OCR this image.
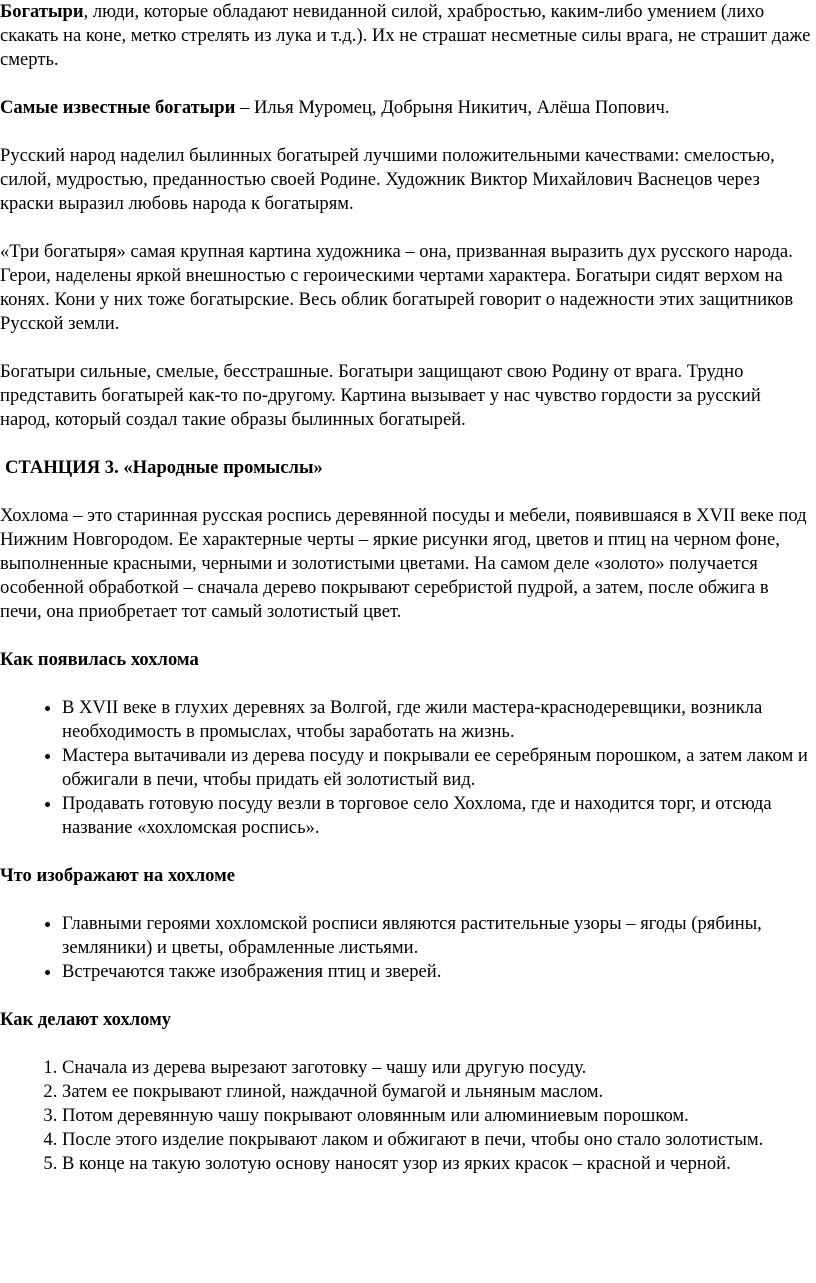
Богатыри, люди, которые обладают невиданной силой, храбростью, каким-либо умением (лихо скакать на коне, метко стрелять из лука и т.д.). Их не страшат несметные силы врага, не страшит даже смерть.

Самые известные богатыри – Илья Муромец, Добрыня Никитич, Алёша Попович.

Русский народ наделил былинных богатырей лучшими положительными качествами: смелостью, силой, мудростью, преданностью своей Родине. Художник Виктор Михайлович Васнецов через краски выразил любовь народа к богатырям.

«Три богатыря» самая крупная картина художника – она, призванная выразить дух русского народа. Герои, наделены яркой внешностью с героическими чертами характера. Богатыри сидят верхом на конях. Кони у них тоже богатырские. Весь облик богатырей говорит о надежности этих защитников Русской земли.

Богатыри сильные, смелые, бесстрашные. Богатыри защищают свою Родину от врага. Трудно представить богатырей как-то по-другому. Картина вызывает у нас чувство гордости за русский народ, который создал такие образы былинных богатырей.

СТАНЦИЯ 3. «Народные промыслы»

Хохлома – это старинная русская роспись деревянной посуды и мебели, появившаяся в XVII веке под Нижним Новгородом. Ее характерные черты – яркие рисунки ягод, цветов и птиц на черном фоне, выполненные красными, черными и золотистыми цветами. На самом деле «золото» получается особенной обработкой – сначала дерево покрывают серебристой пудрой, а затем, после обжига в печи, она приобретает тот самый золотистый цвет.

Как появилась хохлома
• В XVII веке в глухих деревнях за Волгой, где жили мастера-краснодеревщики, возникла необходимость в промыслах, чтобы заработать на жизнь.
• Мастера вытачивали из дерева посуду и покрывали ее серебряным порошком, а затем лаком и обжигали в печи, чтобы придать ей золотистый вид.
• Продавать готовую посуду везли в торговое село Хохлома, где и находится торг, и отсюда название «хохломская роспись».
Что изображают на хохломе
• Главными героями хохломской росписи являются растительные узоры – ягоды (рябины, земляники) и цветы, обрамленные листьями.
• Встречаются также изображения птиц и зверей.
Как делают хохлому
1. Сначала из дерева вырезают заготовку – чашу или другую посуду.
2. Затем ее покрывают глиной, наждачной бумагой и льняным маслом.
3. Потом деревянную чашу покрывают оловянным или алюминиевым порошком.
4. После этого изделие покрывают лаком и обжигают в печи, чтобы оно стало золотистым.
5. В конце на такую золотую основу наносят узор из ярких красок – красной и черной.
